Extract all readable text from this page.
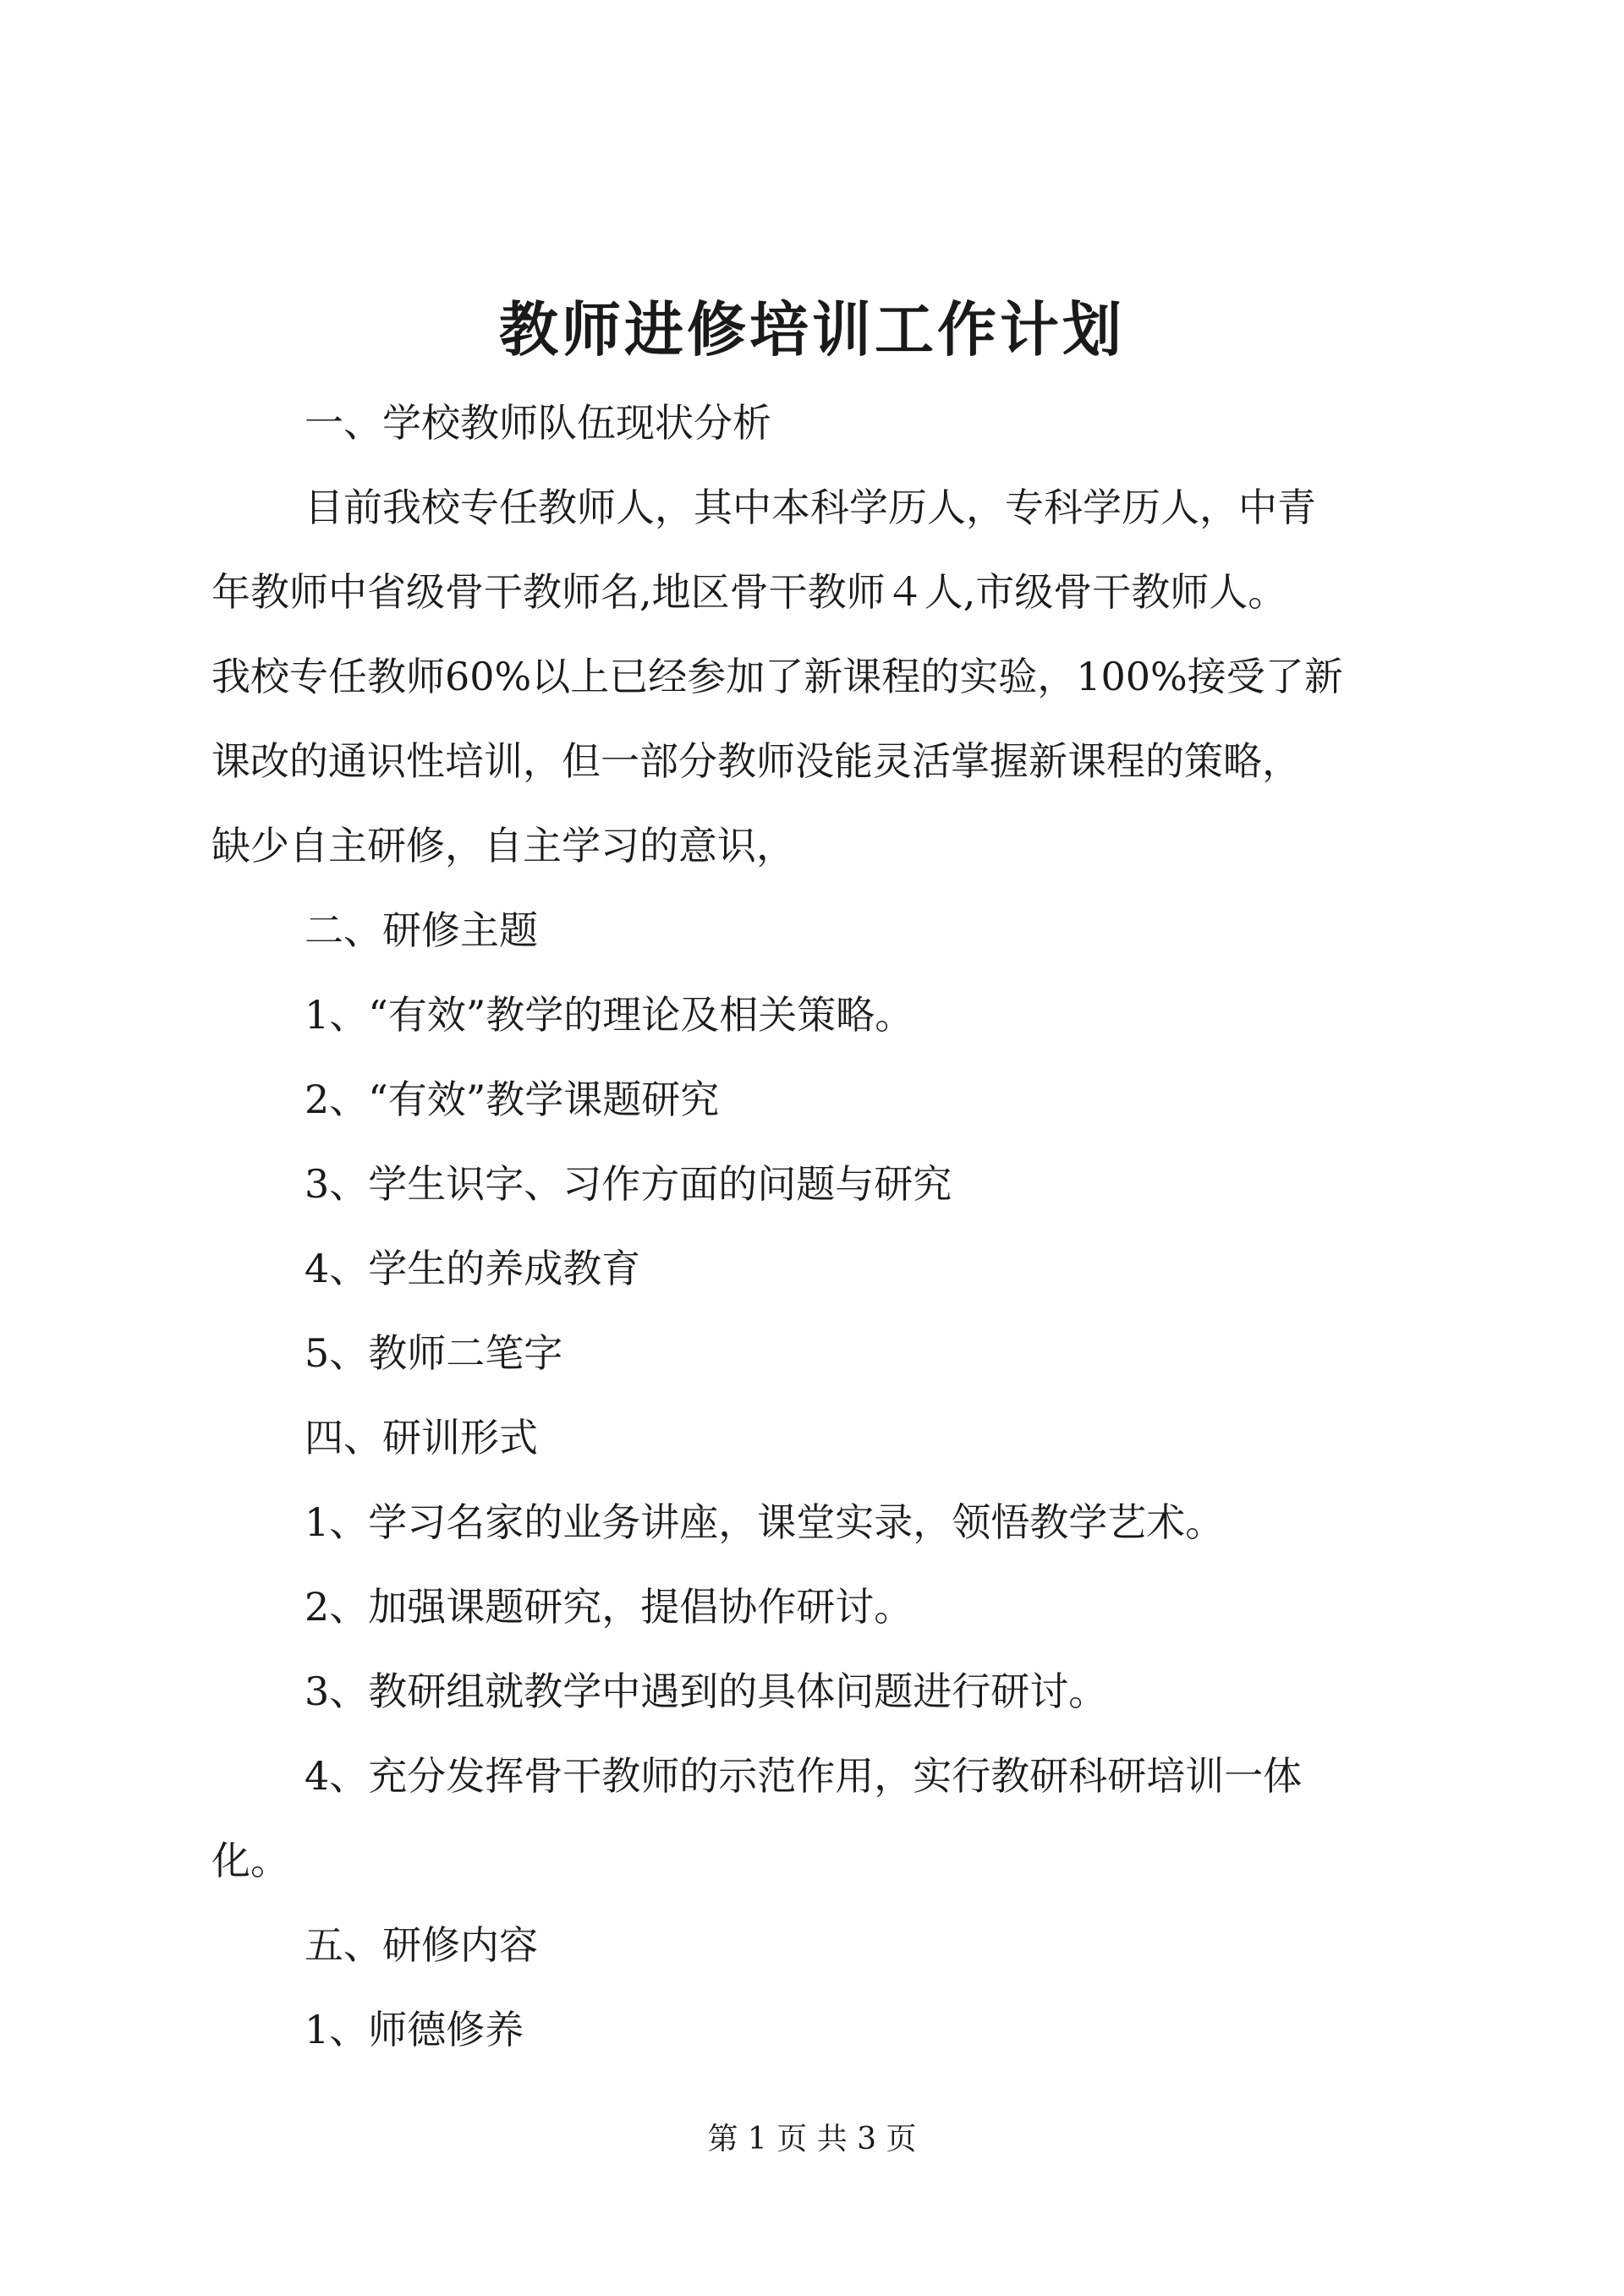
教师进修培训工作计划
一、学校教师队伍现状分析
目前我校专任教师人，其中本科学历人，专科学历人，中青
年教师中省级骨干教师名,地区骨干教师４人,市级骨干教师人。
我校专任教师60%以上已经参加了新课程的实验，100%接受了新
课改的通识性培训，但一部分教师没能灵活掌握新课程的策略，
缺少自主研修，自主学习的意识，
二、研修主题
1、“有效”教学的理论及相关策略。
2、“有效”教学课题研究
3、学生识字、习作方面的问题与研究
4、学生的养成教育
5、教师二笔字
四、研训形式
1、学习名家的业务讲座，课堂实录，领悟教学艺术。
2、加强课题研究，提倡协作研讨。
3、教研组就教学中遇到的具体问题进行研讨。
4、充分发挥骨干教师的示范作用，实行教研科研培训一体
化。
五、研修内容
1、师德修养
第 1 页 共 3 页
